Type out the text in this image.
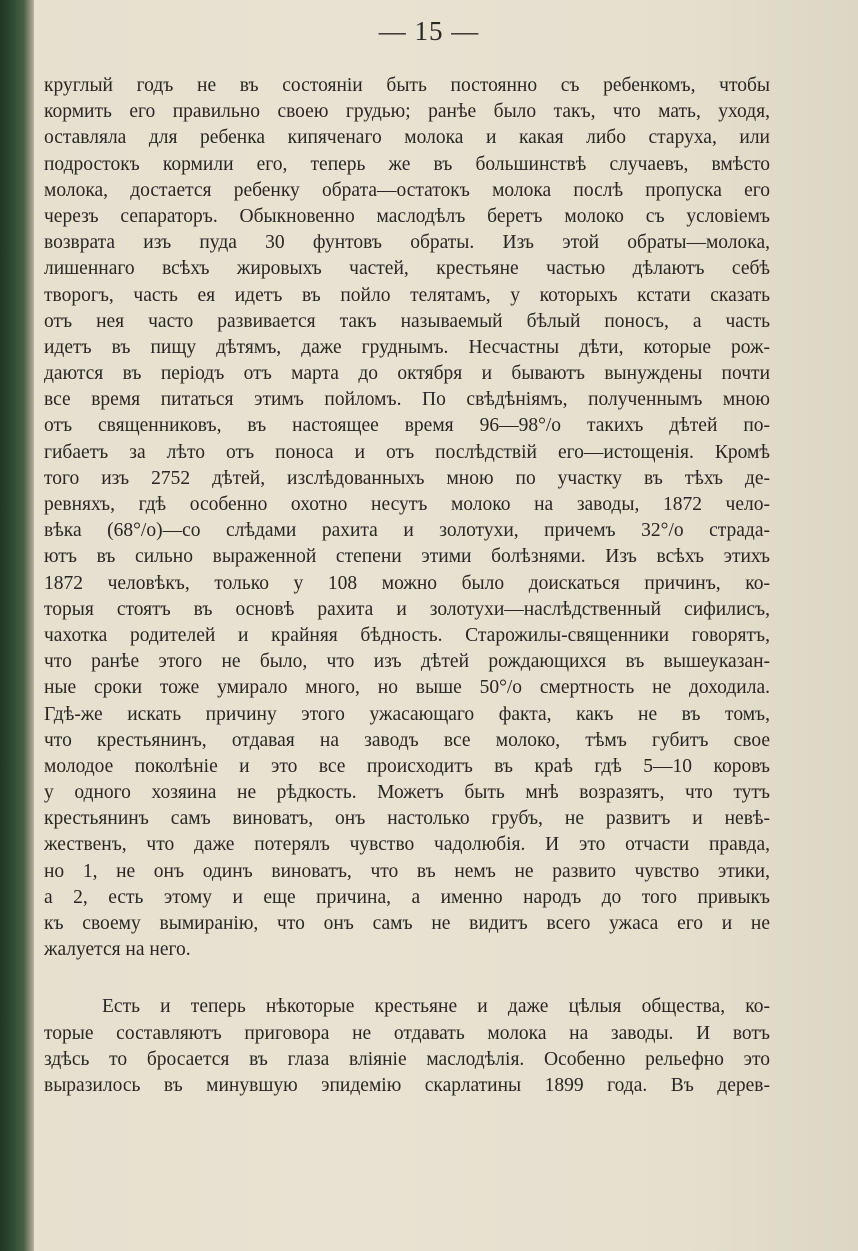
— 15 —
круглый годъ не въ состоянiи быть постоянно съ ребенкомъ, чтобы
кормить его правильно своею грудью; ранѣе было такъ, что мать, уходя,
оставляла для ребенка кипяченаго молока и какая либо старуха, или
подростокъ кормили его, теперь же въ большинствѣ случаевъ, вмѣсто
молока, достается ребенку обрата—остатокъ молока послѣ пропуска его
черезъ сепараторъ. Обыкновенно маслодѣлъ беретъ молоко съ условiемъ
возврата изъ пуда 30 фунтовъ обраты. Изъ этой обраты—молока,
лишеннаго всѣхъ жировыхъ частей, крестьяне частью дѣлаютъ себѣ
творогъ, часть ея идетъ въ пойло телятамъ, у которыхъ кстати сказать
отъ нея часто развивается такъ называемый бѣлый поносъ, а часть
идетъ въ пищу дѣтямъ, даже груднымъ. Несчастны дѣти, которые рож-
даются въ перiодъ отъ марта до октября и бываютъ вынуждены почти
все время питаться этимъ пойломъ. По свѣдѣнiямъ, полученнымъ мною
отъ священниковъ, въ настоящее время 96—98°/o такихъ дѣтей по-
гибаетъ за лѣто отъ поноса и отъ послѣдствiй его—истощенiя. Кромѣ
того изъ 2752 дѣтей, изслѣдованныхъ мною по участку въ тѣхъ де-
ревняхъ, гдѣ особенно охотно несутъ молоко на заводы, 1872 чело-
вѣка (68°/o)—со слѣдами рахита и золотухи, причемъ 32°/o страда-
ютъ въ сильно выраженной степени этими болѣзнями. Изъ всѣхъ этихъ
1872 человѣкъ, только у 108 можно было доискаться причинъ, ко-
торыя стоятъ въ основѣ рахита и золотухи—наслѣдственный сифилисъ,
чахотка родителей и крайняя бѣдность. Старожилы-священники говорятъ,
что ранѣе этого не было, что изъ дѣтей рождающихся въ вышеуказан-
ные сроки тоже умирало много, но выше 50°/o смертность не доходила.
Гдѣ-же искать причину этого ужасающаго факта, какъ не въ томъ,
что крестьянинъ, отдавая на заводъ все молоко, тѣмъ губитъ свое
молодое поколѣнiе и это все происходитъ въ краѣ гдѣ 5—10 коровъ
у одного хозяина не рѣдкость. Можетъ быть мнѣ возразятъ, что тутъ
крестьянинъ самъ виноватъ, онъ настолько грубъ, не развитъ и невѣ-
жественъ, что даже потерялъ чувство чадолюбiя. И это отчасти правда,
но 1, не онъ одинъ виноватъ, что въ немъ не развито чувство этики,
а 2, есть этому и еще причина, а именно народъ до того привыкъ
къ своему вымиранiю, что онъ самъ не видитъ всего ужаса его и не
жалуется на него.
Есть и теперь нѣкоторые крестьяне и даже цѣлыя общества, ко-
торые составляютъ приговора не отдавать молока на заводы. И вотъ
здѣсь то бросается въ глаза влiянiе маслодѣлiя. Особенно рельефно это
выразилось въ минувшую эпидемiю скарлатины 1899 года. Въ дерев-
